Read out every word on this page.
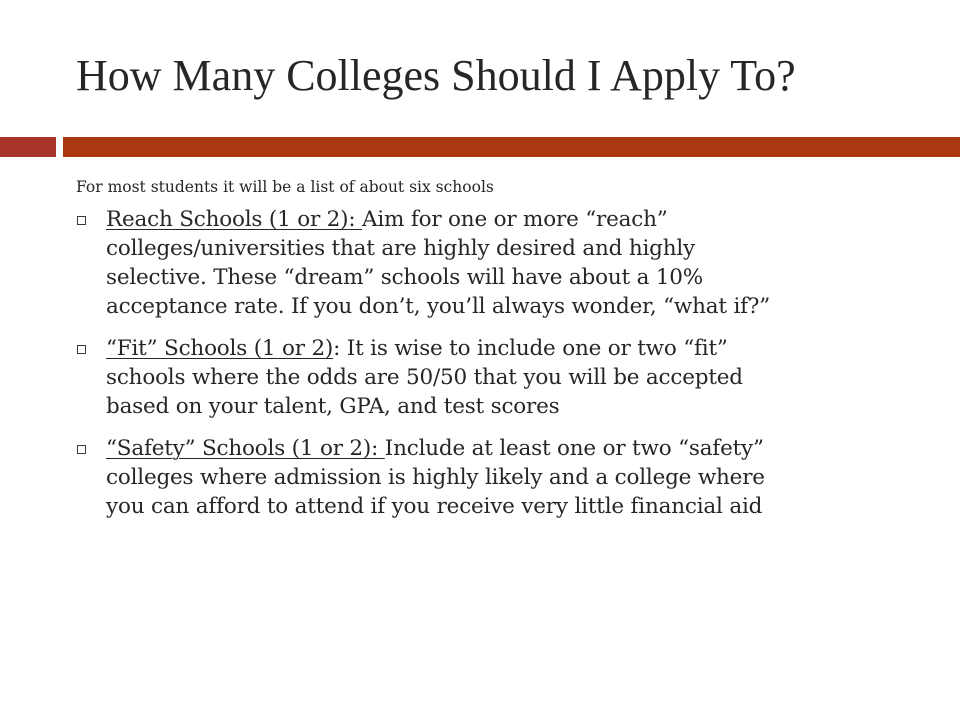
How Many Colleges Should I Apply To?

For most students it will be a list of about six schools

Reach Schools (1 or 2): Aim for one or more “reach”
colleges/universities that are highly desired and highly
selective. These “dream” schools will have about a 10%
acceptance rate. If you don’t, you’ll always wonder, “what if?”
“Fit” Schools (1 or 2): It is wise to include one or two “fit”
schools where the odds are 50/50 that you will be accepted
based on your talent, GPA, and test scores
“Safety” Schools (1 or 2): Include at least one or two “safety”
colleges where admission is highly likely and a college where
you can afford to attend if you receive very little financial aid
